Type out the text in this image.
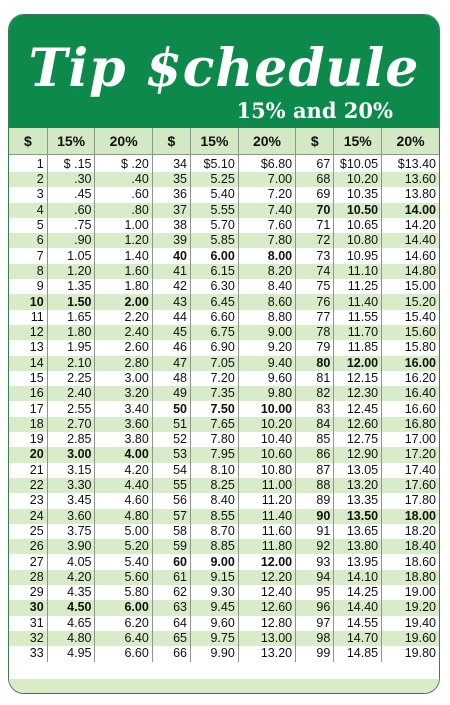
Tip $chedule
15% and 20%
$	15%	20%	$	15%	20%	$	15%	20%
1	$ .15	$ .20	34	$5.10	$6.80	67	$10.05	$13.40
2	.30	.40	35	5.25	7.00	68	10.20	13.60
3	.45	.60	36	5.40	7.20	69	10.35	13.80
4	.60	.80	37	5.55	7.40	70	10.50	14.00
5	.75	1.00	38	5.70	7.60	71	10.65	14.20
6	.90	1.20	39	5.85	7.80	72	10.80	14.40
7	1.05	1.40	40	6.00	8.00	73	10.95	14.60
8	1.20	1.60	41	6.15	8.20	74	11.10	14.80
9	1.35	1.80	42	6.30	8.40	75	11.25	15.00
10	1.50	2.00	43	6.45	8.60	76	11.40	15.20
11	1.65	2.20	44	6.60	8.80	77	11.55	15.40
12	1.80	2.40	45	6.75	9.00	78	11.70	15.60
13	1.95	2.60	46	6.90	9.20	79	11.85	15.80
14	2.10	2.80	47	7.05	9.40	80	12.00	16.00
15	2.25	3.00	48	7.20	9.60	81	12.15	16.20
16	2.40	3.20	49	7.35	9.80	82	12.30	16.40
17	2.55	3.40	50	7.50	10.00	83	12.45	16.60
18	2.70	3.60	51	7.65	10.20	84	12.60	16.80
19	2.85	3.80	52	7.80	10.40	85	12.75	17.00
20	3.00	4.00	53	7.95	10.60	86	12.90	17.20
21	3.15	4.20	54	8.10	10.80	87	13.05	17.40
22	3.30	4.40	55	8.25	11.00	88	13.20	17.60
23	3.45	4.60	56	8.40	11.20	89	13.35	17.80
24	3.60	4.80	57	8.55	11.40	90	13.50	18.00
25	3.75	5.00	58	8.70	11.60	91	13.65	18.20
26	3.90	5.20	59	8.85	11.80	92	13.80	18.40
27	4.05	5.40	60	9.00	12.00	93	13.95	18.60
28	4.20	5.60	61	9.15	12.20	94	14.10	18.80
29	4.35	5.80	62	9.30	12.40	95	14.25	19.00
30	4.50	6.00	63	9.45	12.60	96	14.40	19.20
31	4.65	6.20	64	9.60	12.80	97	14.55	19.40
32	4.80	6.40	65	9.75	13.00	98	14.70	19.60
33	4.95	6.60	66	9.90	13.20	99	14.85	19.80
